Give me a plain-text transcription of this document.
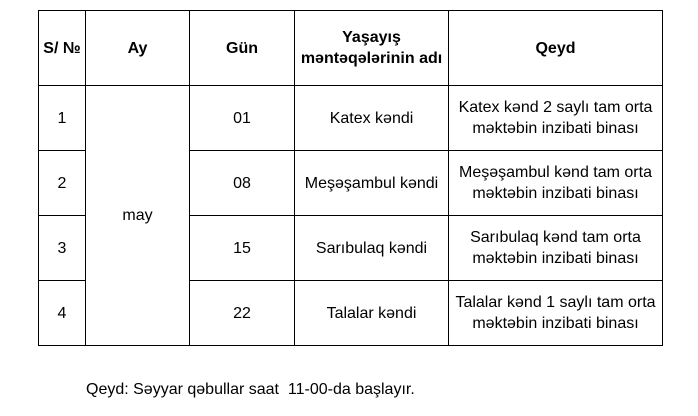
S/ №	Ay	Gün	Yaşayış məntəqələrinin adı	Qeyd
1	may	01	Katex kəndi	Katex kənd 2 saylı tam orta məktəbin inzibati binası
2		08	Meşəşambul kəndi	Meşəşambul kənd tam orta məktəbin inzibati binası
3		15	Sarıbulaq kəndi	Sarıbulaq kənd tam orta məktəbin inzibati binası
4		22	Talalar kəndi	Talalar kənd 1 saylı tam orta məktəbin inzibati binası
Qeyd: Səyyar qəbullar saat  11-00-da başlayır.
